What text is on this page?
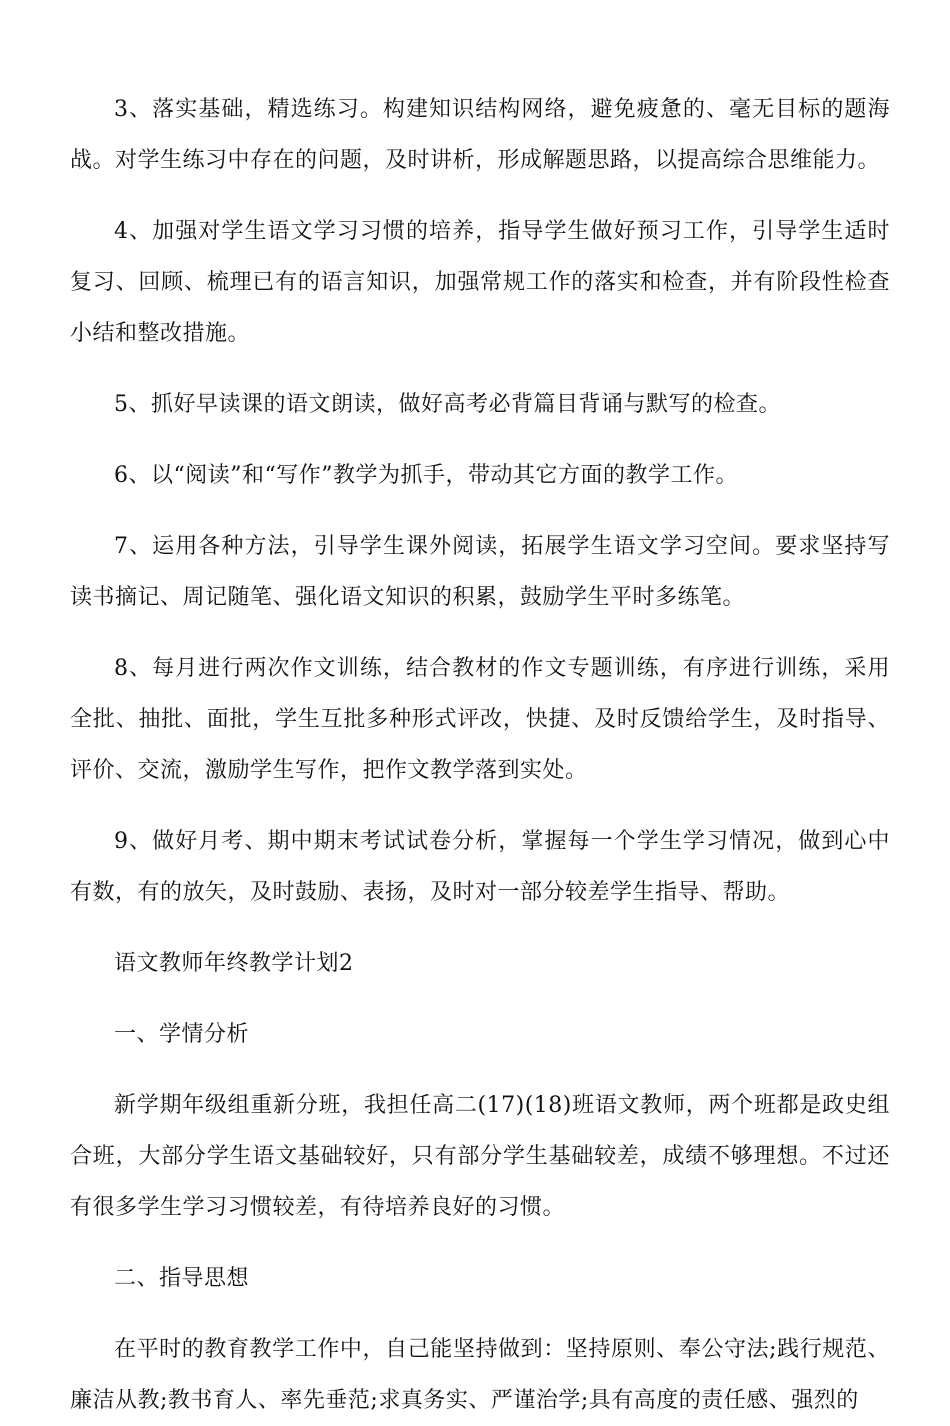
3、落实基础，精选练习。构建知识结构网络，避免疲惫的、毫无目标的题海战。对学生练习中存在的问题，及时讲析，形成解题思路，以提高综合思维能力。

4、加强对学生语文学习习惯的培养，指导学生做好预习工作，引导学生适时复习、回顾、梳理已有的语言知识，加强常规工作的落实和检查，并有阶段性检查小结和整改措施。

5、抓好早读课的语文朗读，做好高考必背篇目背诵与默写的检查。

6、以“阅读”和“写作”教学为抓手，带动其它方面的教学工作。

7、运用各种方法，引导学生课外阅读，拓展学生语文学习空间。要求坚持写读书摘记、周记随笔、强化语文知识的积累，鼓励学生平时多练笔。

8、每月进行两次作文训练，结合教材的作文专题训练，有序进行训练，采用全批、抽批、面批，学生互批多种形式评改，快捷、及时反馈给学生，及时指导、评价、交流，激励学生写作，把作文教学落到实处。

9、做好月考、期中期末考试试卷分析，掌握每一个学生学习情况，做到心中有数，有的放矢，及时鼓励、表扬，及时对一部分较差学生指导、帮助。

语文教师年终教学计划2

一、学情分析

新学期年级组重新分班，我担任高二(17)(18)班语文教师，两个班都是政史组合班，大部分学生语文基础较好，只有部分学生基础较差，成绩不够理想。不过还有很多学生学习习惯较差，有待培养良好的习惯。

二、指导思想

在平时的教育教学工作中，自己能坚持做到：坚持原则、奉公守法;践行规范、廉洁从教;教书育人、率先垂范;求真务实、严谨治学;具有高度的责任感、强烈的
